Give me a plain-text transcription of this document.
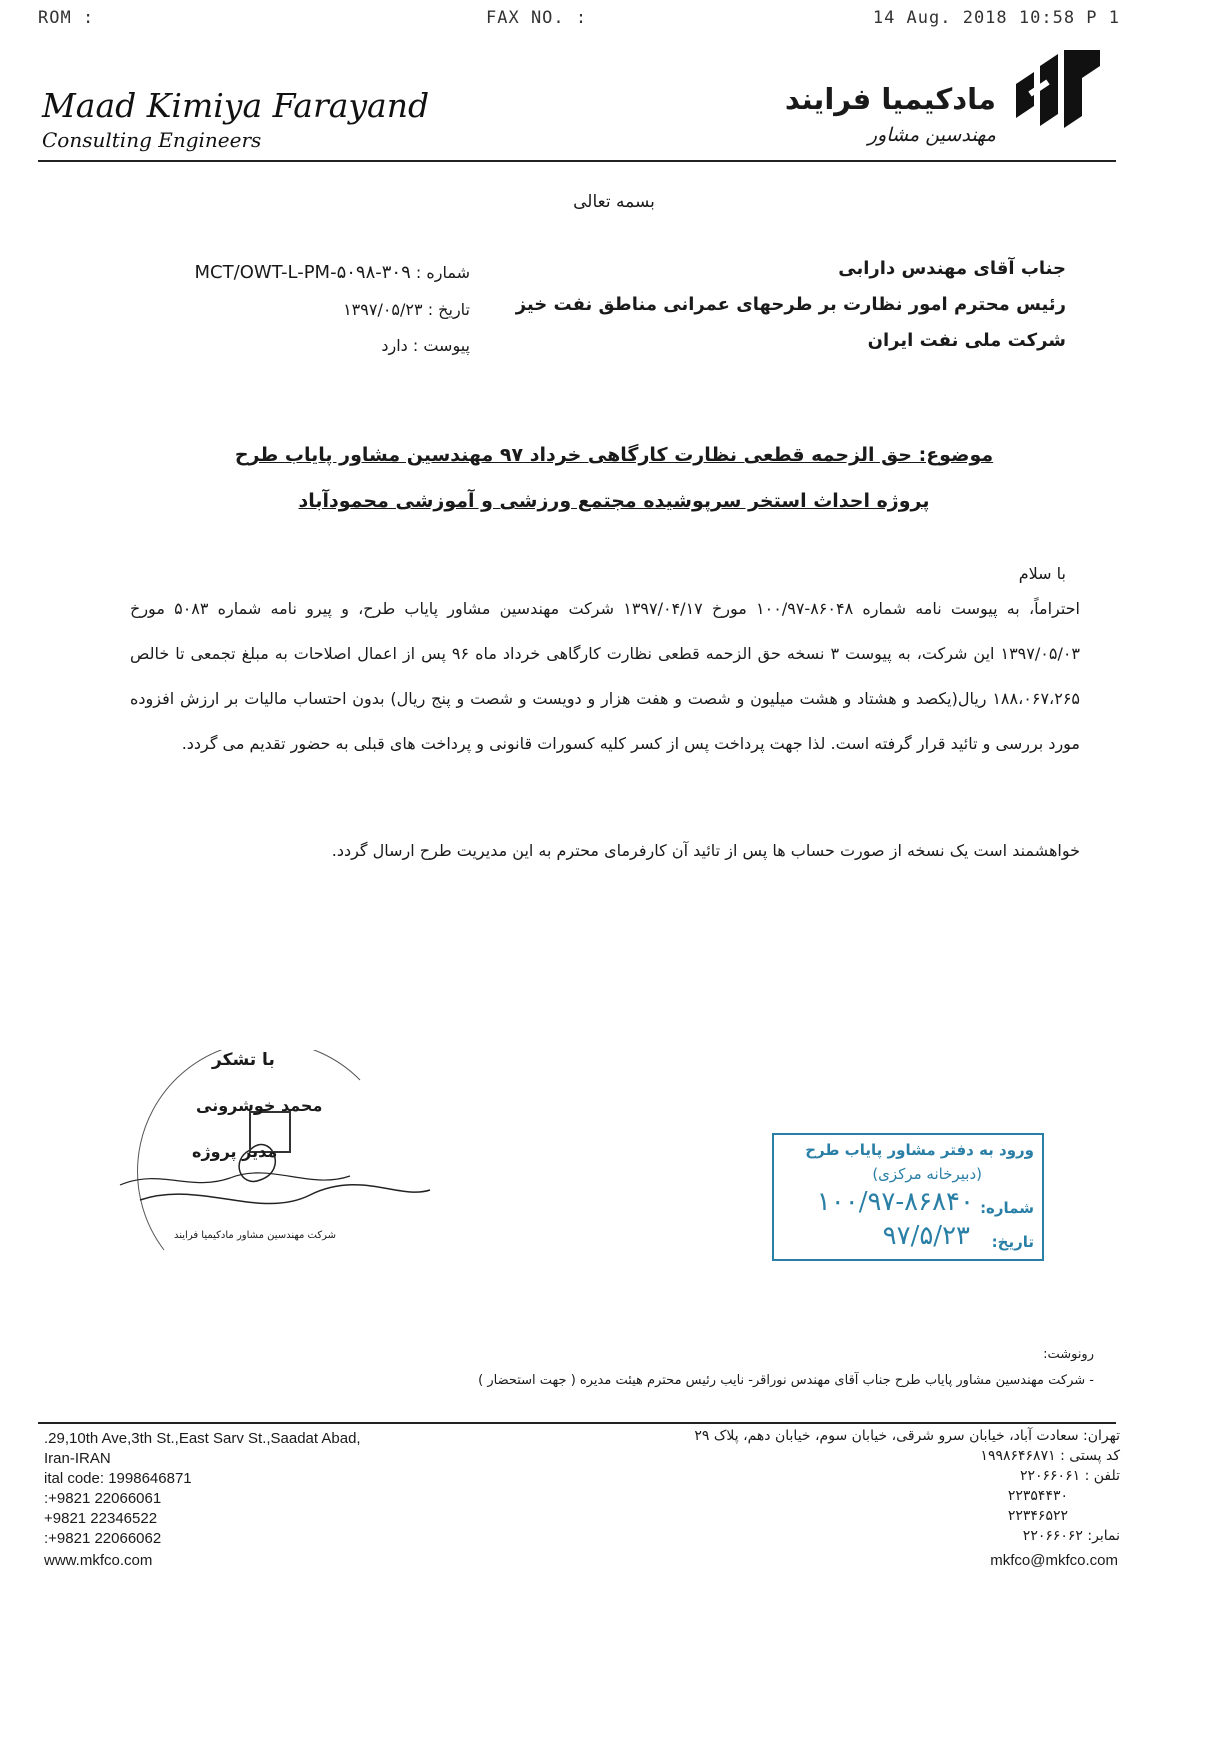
ROM :	FAX NO. :	14 Aug. 2018 10:58 P 1
Maad Kimiya Farayand
Consulting Engineers
مادکیمیا فرایند
مهندسین مشاور
بسمه تعالی
جناب آقای مهندس دارابی
رئیس محترم امور نظارت بر طرحهای عمرانی مناطق نفت خیز
شرکت ملی نفت ایران
شماره : ۳۰۹-MCT/OWT-L-PM-۵۰۹۸
تاریخ : ۱۳۹۷/۰۵/۲۳
پیوست : دارد
موضوع: حق الزحمه قطعی نظارت کارگاهی خرداد ۹۷ مهندسین مشاور پایاب طرح
پروژه احداث استخر سرپوشیده مجتمع ورزشی و آموزشی محمودآباد
با سلام
احتراماً، به پیوست نامه شماره ۸۶۰۴۸-۱۰۰/۹۷ مورخ ۱۳۹۷/۰۴/۱۷ شرکت مهندسین مشاور پایاب طرح، و پیرو نامه شماره ۵۰۸۳ مورخ ۱۳۹۷/۰۵/۰۳ این شرکت، به پیوست ۳ نسخه حق الزحمه قطعی نظارت کارگاهی خرداد ماه ۹۶ پس از اعمال اصلاحات به مبلغ تجمعی تا خالص ۱۸۸،۰۶۷،۲۶۵ ریال(یکصد و هشتاد و هشت میلیون و شصت و هفت هزار و دویست و شصت و پنج ریال) بدون احتساب مالیات بر ارزش افزوده مورد بررسی و تائید قرار گرفته است. لذا جهت پرداخت پس از کسر کلیه کسورات قانونی و پرداخت های قبلی به حضور تقدیم می گردد.
خواهشمند است یک نسخه از صورت حساب ها پس از تائید آن کارفرمای محترم به این مدیریت طرح ارسال گردد.
با تشکر
محمد خوشرونی
مدیر پروژه
شرکت مهندسین مشاور مادکیمیا فرایند
ورود به دفتر مشاور پایاب طرح
(دبیرخانه مرکزی)
شماره:
۱۰۰/۹۷-۸۶۸۴۰
تاریخ:
۹۷/۵/۲۳
رونوشت:
- شرکت مهندسین مشاور پایاب طرح جناب آقای مهندس نوراقر- نایب رئیس محترم هیئت مدیره ( جهت استحضار )
.29,10th Ave,3th St.,East Sarv St.,Saadat Abad,
Iran-IRAN
ital code: 1998646871
:+9821 22066061
+9821 22346522
:+9821 22066062
www.mkfco.com
تهران: سعادت آباد، خیابان سرو شرقی، خیابان سوم، خیابان دهم، پلاک ۲۹
کد پستی : ۱۹۹۸۶۴۶۸۷۱
تلفن : ۲۲۰۶۶۰۶۱
۲۲۳۵۴۴۳۰
۲۲۳۴۶۵۲۲
نمابر: ۲۲۰۶۶۰۶۲
mkfco@mkfco.com
